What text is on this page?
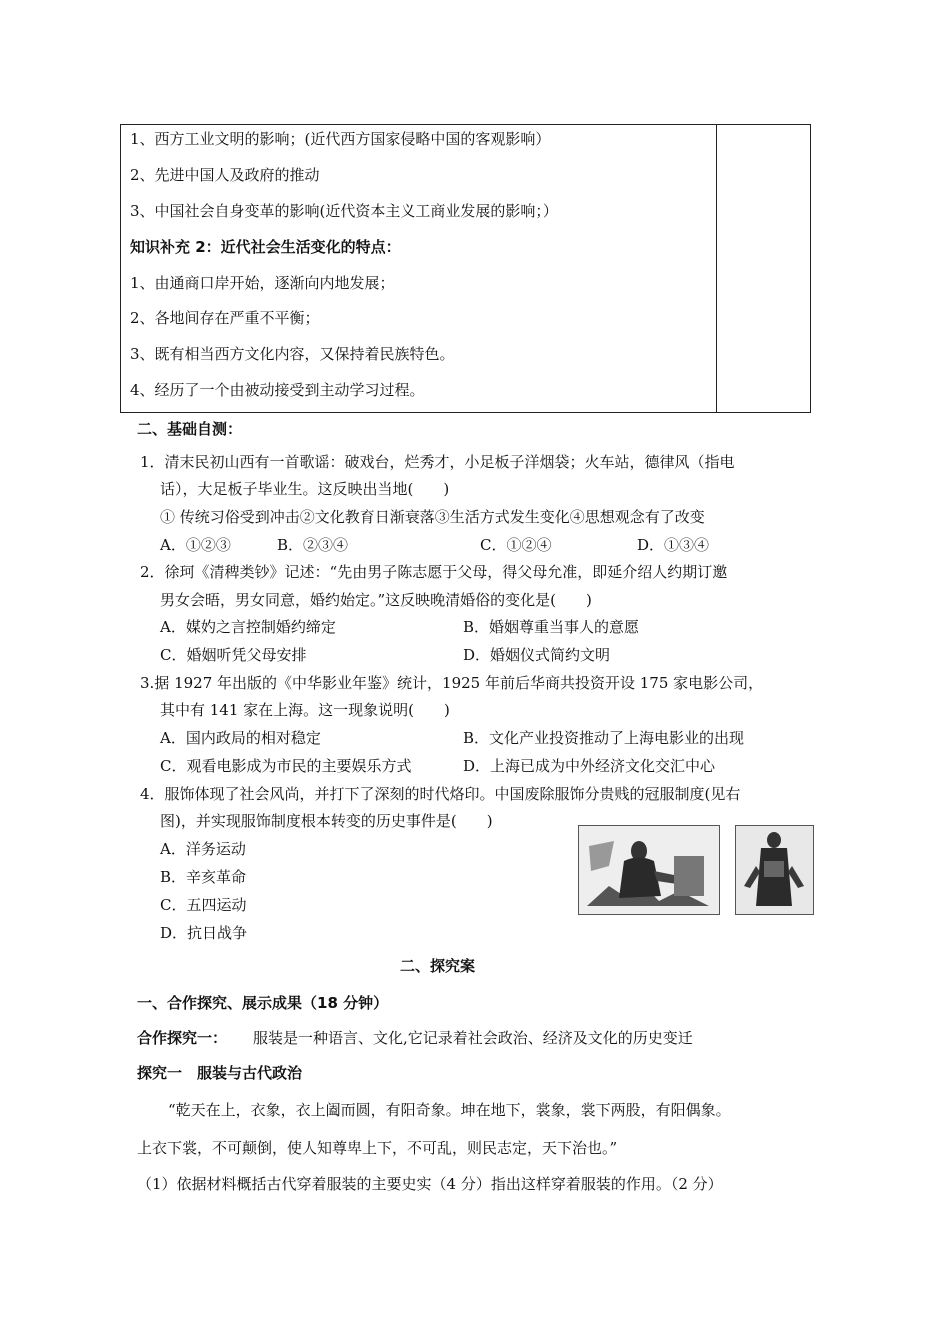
1、西方工业文明的影响；(近代西方国家侵略中国的客观影响）
2、先进中国人及政府的推动
3、中国社会自身变革的影响(近代资本主义工商业发展的影响；）
知识补充 2：近代社会生活变化的特点：
1、由通商口岸开始，逐渐向内地发展；
2、各地间存在严重不平衡；
3、既有相当西方文化内容，又保持着民族特色。
4、经历了一个由被动接受到主动学习过程。
二、基础自测：
1．清末民初山西有一首歌谣：破戏台，烂秀才，小足板子洋烟袋；火车站，德律风（指电
话），大足板子毕业生。这反映出当地(　　)
① 传统习俗受到冲击②文化教育日渐衰落③生活方式发生变化④思想观念有了改变
A．①②③	B．②③④	C．①②④	D．①③④
2．徐珂《清稗类钞》记述：“先由男子陈志愿于父母，得父母允准，即延介绍人约期订邀
男女会晤，男女同意，婚约始定。”这反映晚清婚俗的变化是(　　)
A．媒妁之言控制婚约缔定	B．婚姻尊重当事人的意愿
C．婚姻听凭父母安排	D．婚姻仪式简约文明
3.据 1927 年出版的《中华影业年鉴》统计，1925 年前后华商共投资开设 175 家电影公司，
其中有 141 家在上海。这一现象说明(　　)
A．国内政局的相对稳定	B．文化产业投资推动了上海电影业的出现
C．观看电影成为市民的主要娱乐方式	D．上海已成为中外经济文化交汇中心
4．服饰体现了社会风尚，并打下了深刻的时代烙印。中国废除服饰分贵贱的冠服制度(见右
图)，并实现服饰制度根本转变的历史事件是(　　)
A．洋务运动
B．辛亥革命
C．五四运动
D．抗日战争
二、探究案
一、合作探究、展示成果（18 分钟）
合作探究一： 服装是一种语言、文化,它记录着社会政治、经济及文化的历史变迁
探究一　服装与古代政治
“乾天在上，衣象，衣上阖而圆，有阳奇象。坤在地下，裳象，裳下两股，有阳偶象。
上衣下裳，不可颠倒，使人知尊卑上下，不可乱，则民志定，天下治也。”
（1）依据材料概括古代穿着服装的主要史实（4 分）指出这样穿着服装的作用。（2 分）
